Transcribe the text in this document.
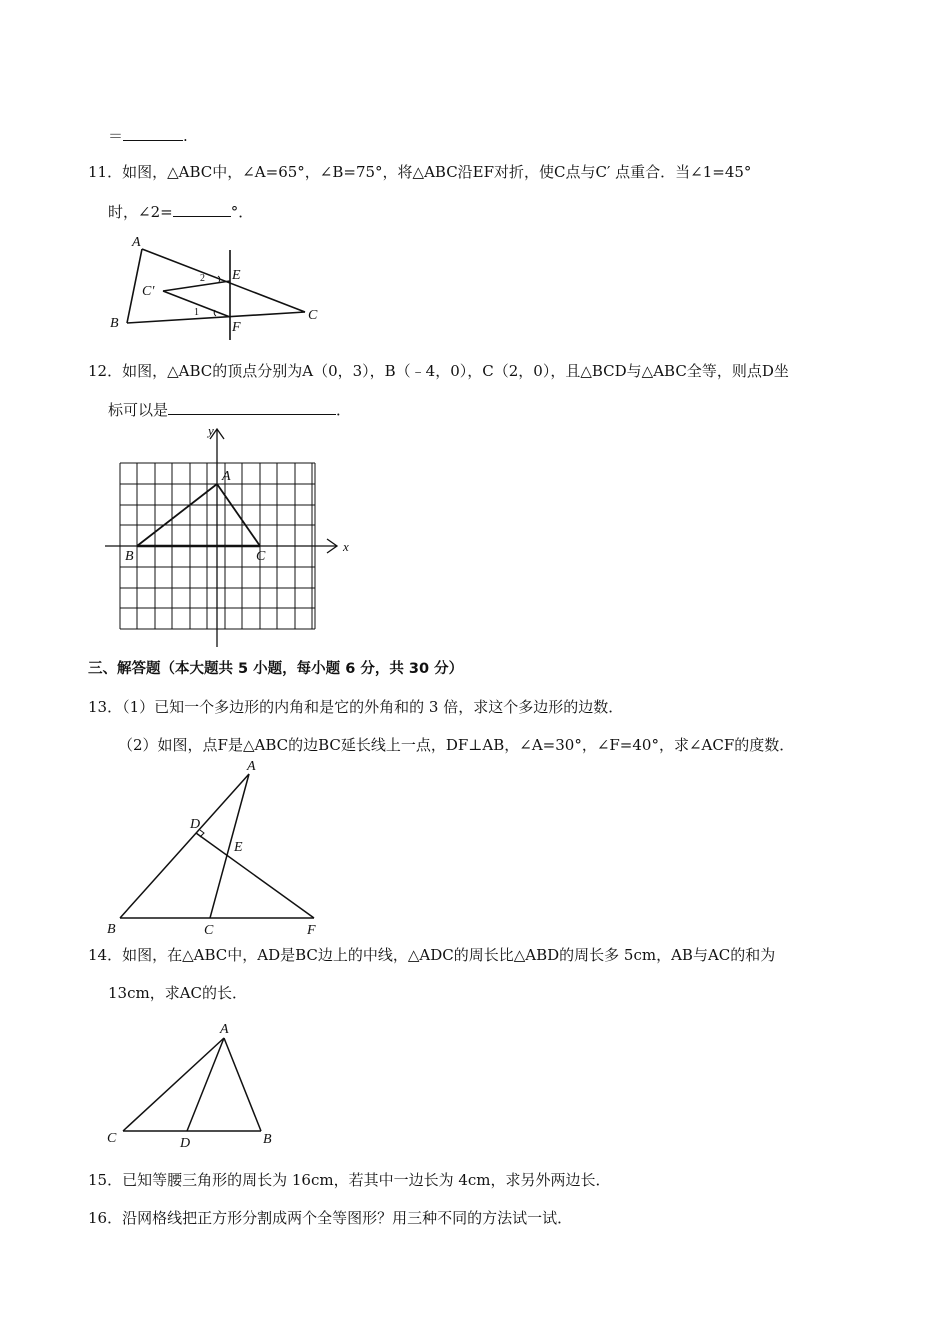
＝	.
11．如图，△ABC中，∠A=65°，∠B=75°，将△ABC沿EF对折，使C点与C′ 点重合．当∠1=45°
时，∠2=	°．
A
B
C
C′
E
F
1
2
12．如图，△ABC的顶点分别为A（0，3），B（﹣4，0），C（2，0），且△BCD与△ABC全等，则点D坐
标可以是	．
y
x
A
B	C
三、解答题（本大题共 5 小题，每小题 6 分，共 30 分）
13．（1）已知一个多边形的内角和是它的外角和的 3 倍，求这个多边形的边数．
（2）如图，点F是△ABC的边BC延长线上一点，DF⊥AB，∠A=30°，∠F=40°，求∠ACF的度数．
A
B	C
D
E
F
14．如图，在△ABC中，AD是BC边上的中线，△ADC的周长比△ABD的周长多 5cm，AB与AC的和为
13cm，求AC的长．
A
B
C	D
15．已知等腰三角形的周长为 16cm，若其中一边长为 4cm，求另外两边长．
16．沿网格线把正方形分割成两个全等图形？用三种不同的方法试一试．
